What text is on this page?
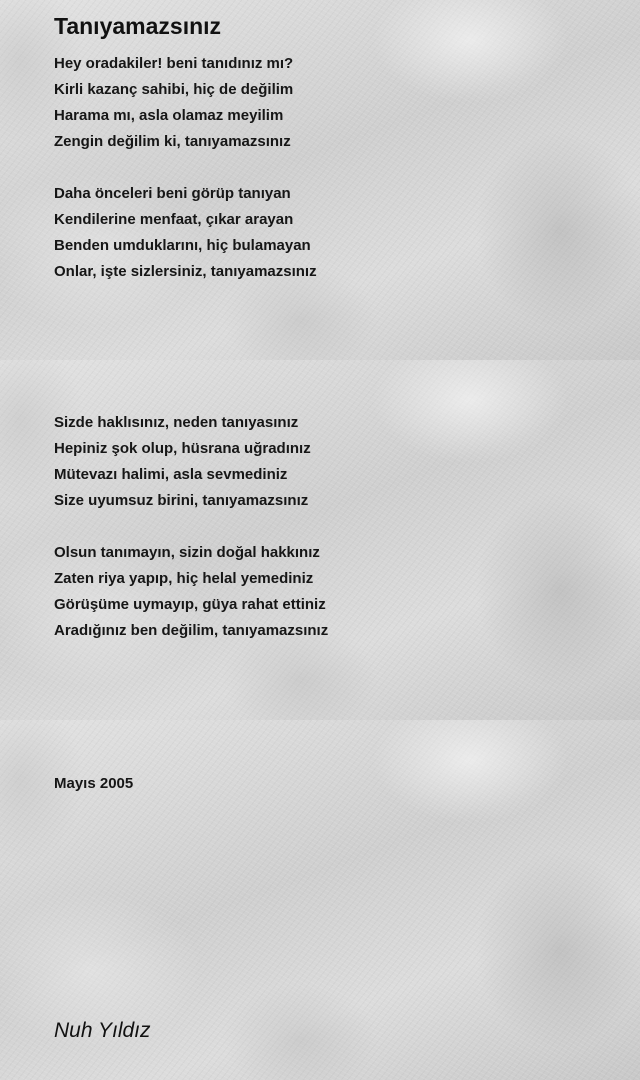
Tanıyamazsınız
Hey oradakiler! beni tanıdınız mı?
Kirli kazanç sahibi, hiç de değilim
Harama mı, asla olamaz meyilim
Zengin değilim ki, tanıyamazsınız
Daha önceleri beni görüp tanıyan
Kendilerine menfaat, çıkar arayan
Benden umduklarını, hiç bulamayan
Onlar, işte sizlersiniz, tanıyamazsınız
Sizde haklısınız, neden tanıyasınız
Hepiniz şok olup, hüsrana uğradınız
Mütevazı halimi, asla sevmediniz
Size uyumsuz birini, tanıyamazsınız
Olsun tanımayın, sizin doğal hakkınız
Zaten riya yapıp, hiç helal yemediniz
Görüşüme uymayıp, güya rahat ettiniz
Aradığınız ben değilim, tanıyamazsınız

Mayıs 2005

Nuh Yıldız
